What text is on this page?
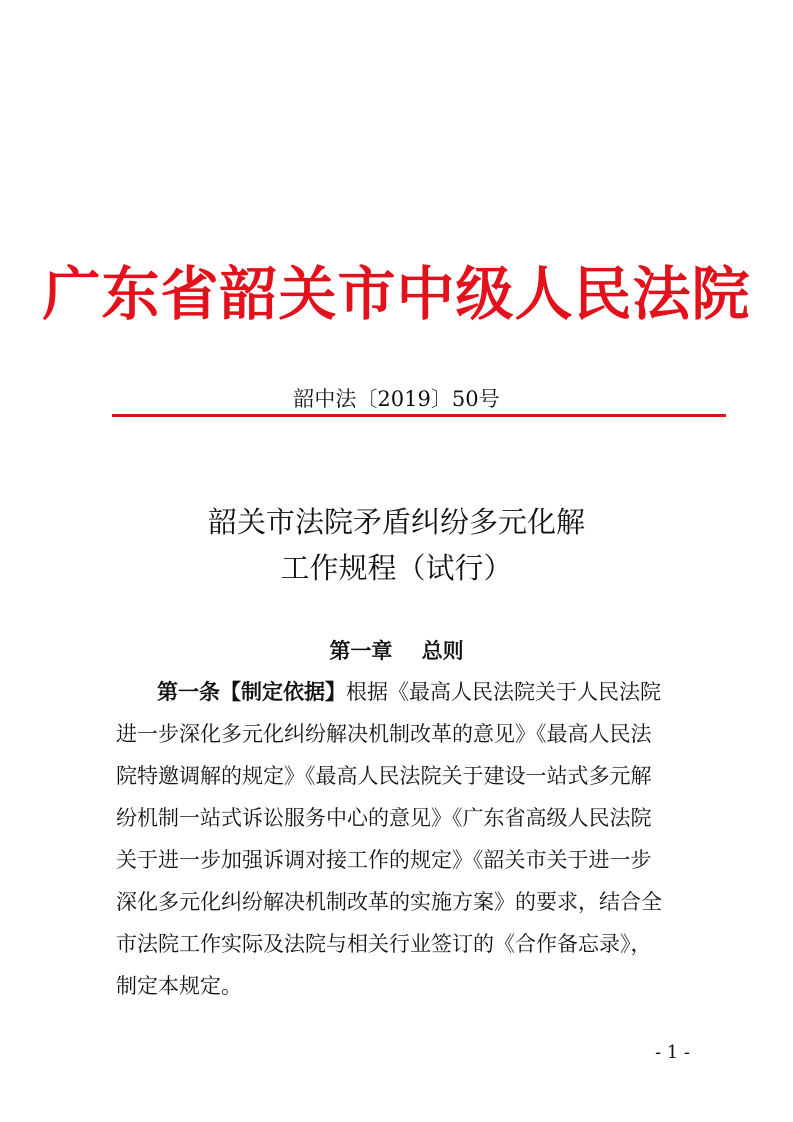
广东省韶关市中级人民法院
韶中法〔2019〕50号
韶关市法院矛盾纠纷多元化解
工作规程（试行）
第一章    总则
第一条【制定依据】根据《最高人民法院关于人民法院
进一步深化多元化纠纷解决机制改革的意见》《最高人民法
院特邀调解的规定》《最高人民法院关于建设一站式多元解
纷机制一站式诉讼服务中心的意见》《广东省高级人民法院
关于进一步加强诉调对接工作的规定》《韶关市关于进一步
深化多元化纠纷解决机制改革的实施方案》的要求，结合全
市法院工作实际及法院与相关行业签订的《合作备忘录》，
制定本规定。
- 1 -
